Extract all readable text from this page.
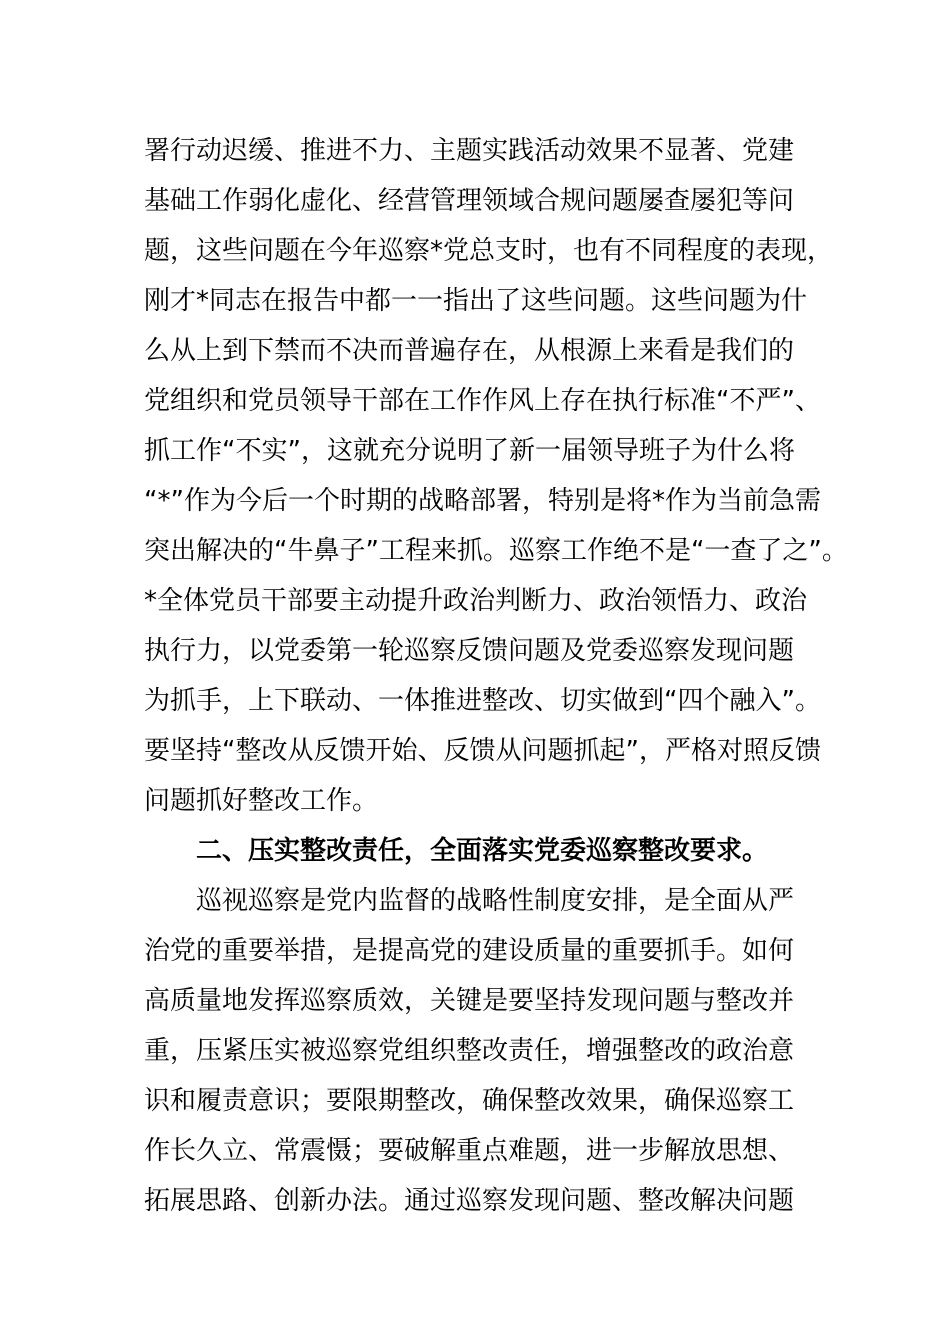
署行动迟缓、推进不力、主题实践活动效果不显著、党建
基础工作弱化虚化、经营管理领域合规问题屡查屡犯等问
题，这些问题在今年巡察*党总支时，也有不同程度的表现，
刚才*同志在报告中都一一指出了这些问题。这些问题为什
么从上到下禁而不决而普遍存在，从根源上来看是我们的
党组织和党员领导干部在工作作风上存在执行标准“不严”、
抓工作“不实”，这就充分说明了新一届领导班子为什么将
“*”作为今后一个时期的战略部署，特别是将*作为当前急需
突出解决的“牛鼻子”工程来抓。巡察工作绝不是“一查了之”。
*全体党员干部要主动提升政治判断力、政治领悟力、政治
执行力，以党委第一轮巡察反馈问题及党委巡察发现问题
为抓手，上下联动、一体推进整改、切实做到“四个融入”。
要坚持“整改从反馈开始、反馈从问题抓起”，严格对照反馈
问题抓好整改工作。
二、压实整改责任，全面落实党委巡察整改要求。
巡视巡察是党内监督的战略性制度安排，是全面从严
治党的重要举措，是提高党的建设质量的重要抓手。如何
高质量地发挥巡察质效，关键是要坚持发现问题与整改并
重，压紧压实被巡察党组织整改责任，增强整改的政治意
识和履责意识；要限期整改，确保整改效果，确保巡察工
作长久立、常震慑；要破解重点难题，进一步解放思想、
拓展思路、创新办法。通过巡察发现问题、整改解决问题
